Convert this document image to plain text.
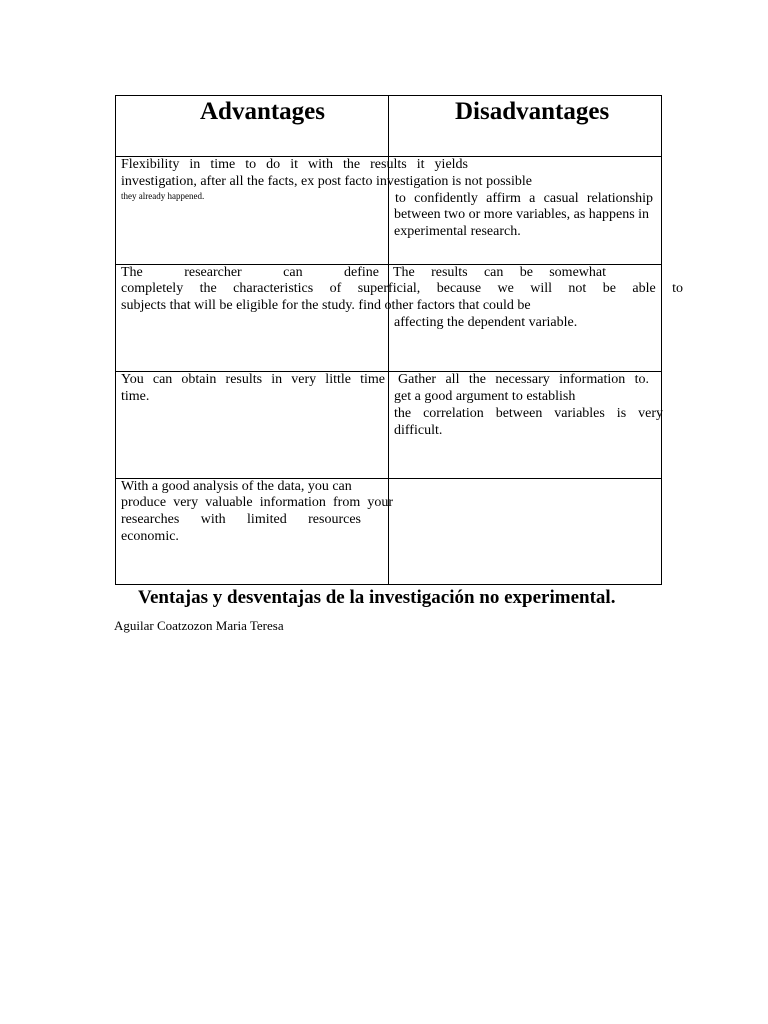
Advantages	Disadvantages
Flexibility in time to do it with the results it yields
investigation, after all the facts, ex post facto investigation is not possible
they already happened.	to confidently affirm a casual relationship
between two or more variables, as happens in
experimental research.
The researcher can define The results can be somewhat
completely the characteristics of superficial, because we will not be able to
subjects that will be eligible for the study. find other factors that could be
affecting the dependent variable.
You can obtain results in very little time
time.
Gather all the necessary information to.
get a good argument to establish
the correlation between variables is very
difficult.
With a good analysis of the data, you can
produce very valuable information from your
researches with limited resources
economic.
Ventajas y desventajas de la investigación no experimental.
Aguilar Coatzozon Maria Teresa
